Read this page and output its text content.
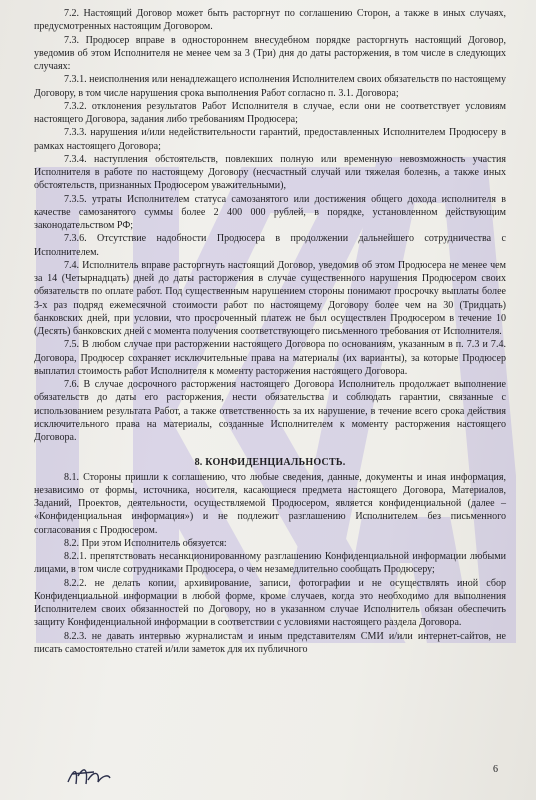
7.2. Настоящий Договор может быть расторгнут по соглашению Сторон, а также в иных случаях, предусмотренных настоящим Договором.

7.3. Продюсер вправе в одностороннем внесудебном порядке расторгнуть настоящий Договор, уведомив об этом Исполнителя не менее чем за 3 (Три) дня до даты расторжения, в том числе в следующих случаях:

7.3.1. неисполнения или ненадлежащего исполнения Исполнителем своих обязательств по настоящему Договору, в том числе нарушения срока выполнения Работ согласно п. 3.1. Договора;

7.3.2. отклонения результатов Работ Исполнителя в случае, если они не соответствует условиям настоящего Договора, задания либо требованиям Продюсера;

7.3.3. нарушения и/или недействительности гарантий, предоставленных Исполнителем Продюсеру в рамках настоящего Договора;

7.3.4. наступления обстоятельств, повлекших полную или временную невозможность участия Исполнителя в работе по настоящему Договору (несчастный случай или тяжелая болезнь, а также иных обстоятельств, признанных Продюсером уважительными),

7.3.5. утраты Исполнителем статуса самозанятого или достижения общего дохода исполнителя в качестве самозанятого суммы более 2 400 000 рублей, в порядке, установленном действующим законодательством РФ;

7.3.6. Отсутствие надобности Продюсера в продолжении дальнейшего сотрудничества с Исполнителем.

7.4. Исполнитель вправе расторгнуть настоящий Договор, уведомив об этом Продюсера не менее чем за 14 (Четырнадцать) дней до даты расторжения в случае существенного нарушения Продюсером своих обязательств по оплате работ. Под существенным нарушением стороны понимают просрочку выплаты более 3-х раз подряд ежемесячной стоимости работ по настоящему Договору более чем на 30 (Тридцать) банковских дней, при условии, что просроченный платеж не был осуществлен Продюсером в течение 10 (Десять) банковских дней с момента получения соответствующего письменного требования от Исполнителя.

7.5. В любом случае при расторжении настоящего Договора по основаниям, указанным в п. 7.3 и 7.4. Договора, Продюсер сохраняет исключительные права на материалы (их варианты), за которые Продюсер выплатил стоимость работ Исполнителя к моменту расторжения настоящего Договора.

7.6. В случае досрочного расторжения настоящего Договора Исполнитель продолжает выполнение обязательств до даты его расторжения, нести обязательства и соблюдать гарантии, связанные с использованием результата Работ, а также ответственность за их нарушение, в течение всего срока действия исключительного права на материалы, созданные Исполнителем к моменту расторжения настоящего Договора.

8. КОНФИДЕНЦИАЛЬНОСТЬ.

8.1. Стороны пришли к соглашению, что любые сведения, данные, документы и иная информация, независимо от формы, источника, носителя, касающиеся предмета настоящего Договора, Материалов, Заданий, Проектов, деятельности, осуществляемой Продюсером, является конфиденциальной (далее – «Конфиденциальная информация») и не подлежит разглашению Исполнителем без письменного согласования с Продюсером.

8.2. При этом Исполнитель обязуется:

8.2.1. препятствовать несанкционированному разглашению Конфиденциальной информации любыми лицами, в том числе сотрудниками Продюсера, о чем незамедлительно сообщать Продюсеру;

8.2.2. не делать копии, архивирование, записи, фотографии и не осуществлять иной сбор Конфиденциальной информации в любой форме, кроме случаев, когда это необходимо для выполнения Исполнителем своих обязанностей по Договору, но в указанном случае Исполнитель обязан обеспечить защиту Конфиденциальной информации в соответствии с условиями настоящего раздела Договора.

8.2.3. не давать интервью журналистам и иным представителям СМИ и/или интернет-сайтов, не писать самостоятельно статей и/или заметок для их публичного

6
